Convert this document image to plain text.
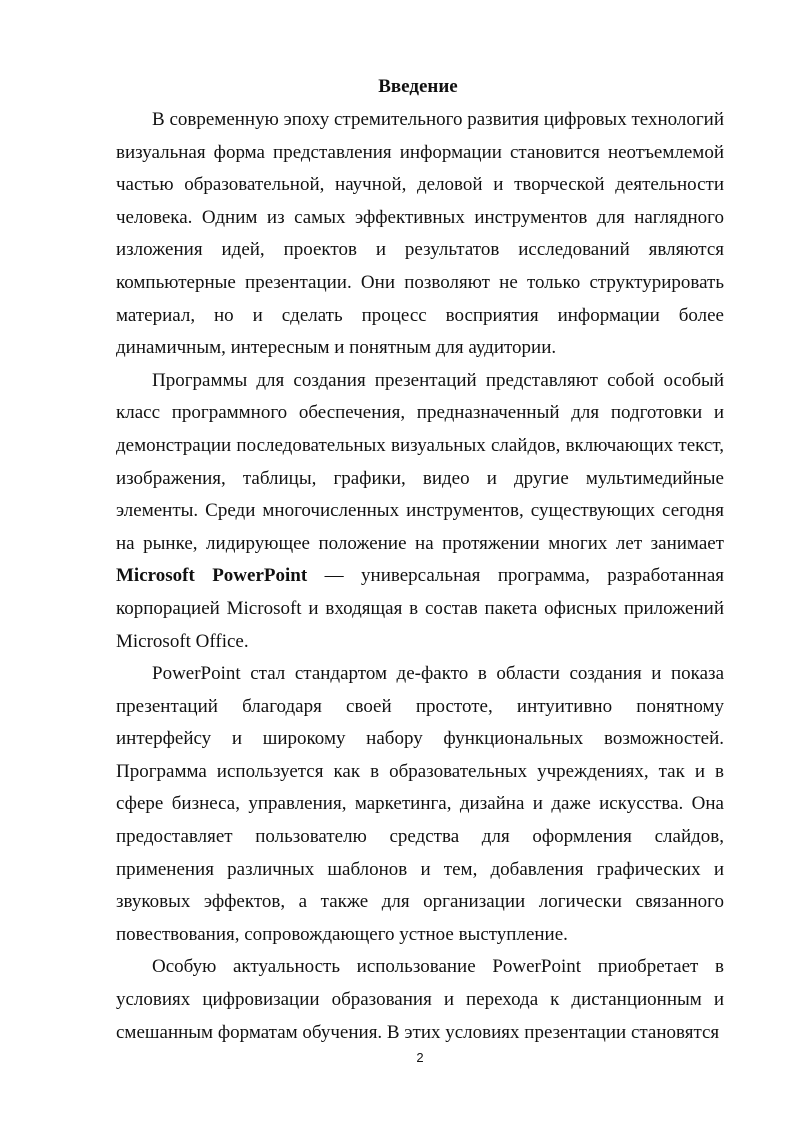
Введение

В современную эпоху стремительного развития цифровых технологий визуальная форма представления информации становится неотъемлемой частью образовательной, научной, деловой и творческой деятельности человека. Одним из самых эффективных инструментов для наглядного изложения идей, проектов и результатов исследований являются компьютерные презентации. Они позволяют не только структурировать материал, но и сделать процесс восприятия информации более динамичным, интересным и понятным для аудитории.

Программы для создания презентаций представляют собой особый класс программного обеспечения, предназначенный для подготовки и демонстрации последовательных визуальных слайдов, включающих текст, изображения, таблицы, графики, видео и другие мультимедийные элементы. Среди многочисленных инструментов, существующих сегодня на рынке, лидирующее положение на протяжении многих лет занимает Microsoft PowerPoint — универсальная программа, разработанная корпорацией Microsoft и входящая в состав пакета офисных приложений Microsoft Office.

PowerPoint стал стандартом де-факто в области создания и показа презентаций благодаря своей простоте, интуитивно понятному интерфейсу и широкому набору функциональных возможностей. Программа используется как в образовательных учреждениях, так и в сфере бизнеса, управления, маркетинга, дизайна и даже искусства. Она предоставляет пользователю средства для оформления слайдов, применения различных шаблонов и тем, добавления графических и звуковых эффектов, а также для организации логически связанного повествования, сопровождающего устное выступление.

Особую актуальность использование PowerPoint приобретает в условиях цифровизации образования и перехода к дистанционным и смешанным форматам обучения. В этих условиях презентации становятся

2
